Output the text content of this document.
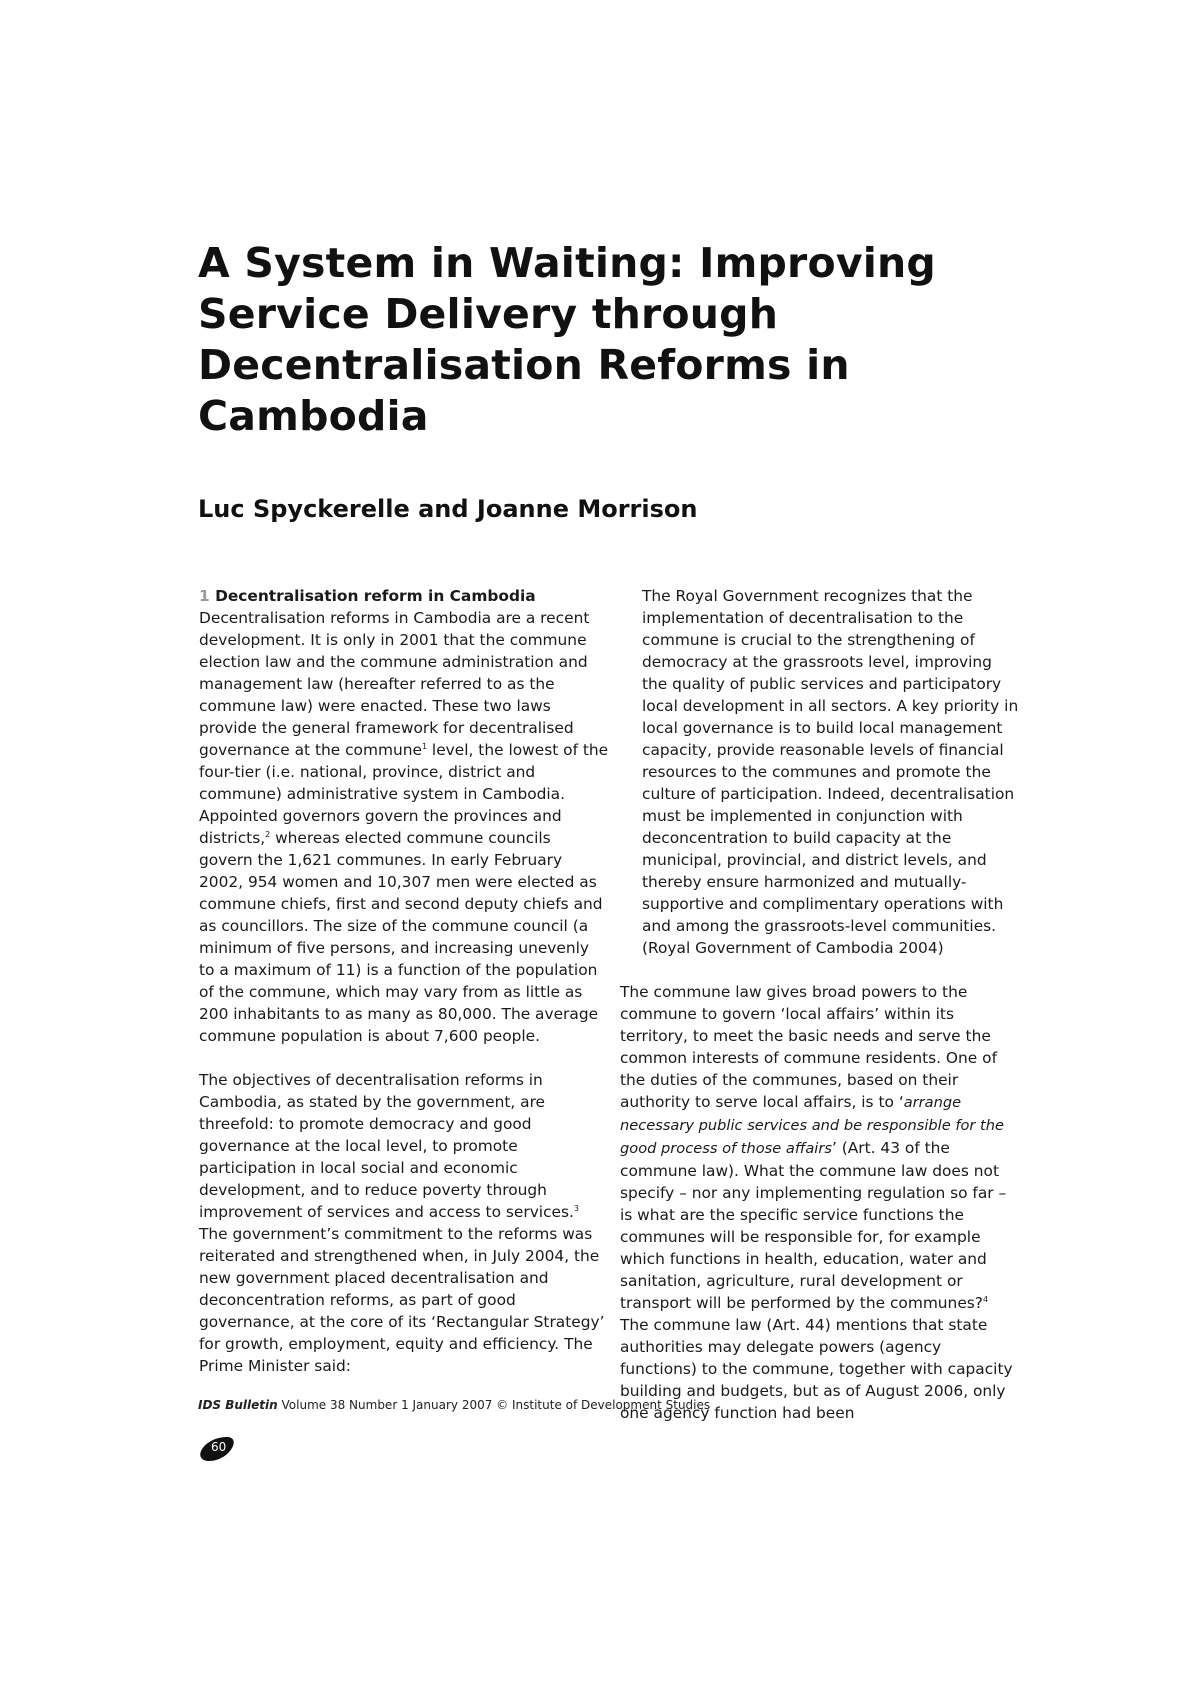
A System in Waiting: Improving Service Delivery through Decentralisation Reforms in Cambodia
Luc Spyckerelle and Joanne Morrison
1 Decentralisation reform in Cambodia

Decentralisation reforms in Cambodia are a recent development. It is only in 2001 that the commune election law and the commune administration and management law (hereafter referred to as the commune law) were enacted. These two laws provide the general framework for decentralised governance at the commune$^1$ level, the lowest of the four-tier (i.e. national, province, district and commune) administrative system in Cambodia. Appointed governors govern the provinces and districts,$^2$ whereas elected commune councils govern the 1,621 communes. In early February 2002, 954 women and 10,307 men were elected as commune chiefs, first and second deputy chiefs and as councillors. The size of the commune council (a minimum of five persons, and increasing unevenly to a maximum of 11) is a function of the population of the commune, which may vary from as little as 200 inhabitants to as many as 80,000. The average commune population is about 7,600 people.

The objectives of decentralisation reforms in Cambodia, as stated by the government, are threefold: to promote democracy and good governance at the local level, to promote participation in local social and economic development, and to reduce poverty through improvement of services and access to services.$^3$ The government’s commitment to the reforms was reiterated and strengthened when, in July 2004, the new government placed decentralisation and deconcentration reforms, as part of good governance, at the core of its ‘Rectangular Strategy’ for growth, employment, equity and efficiency. The Prime Minister said:

The Royal Government recognizes that the implementation of decentralisation to the commune is crucial to the strengthening of democracy at the grassroots level, improving the quality of public services and participatory local development in all sectors. A key priority in local governance is to build local management capacity, provide reasonable levels of financial resources to the communes and promote the culture of participation. Indeed, decentralisation must be implemented in conjunction with deconcentration to build capacity at the municipal, provincial, and district levels, and thereby ensure harmonized and mutually-supportive and complimentary operations with and among the grassroots-level communities. (Royal Government of Cambodia 2004)

The commune law gives broad powers to the commune to govern ‘local affairs’ within its territory, to meet the basic needs and serve the common interests of commune residents. One of the duties of the communes, based on their authority to serve local affairs, is to ‘arrange necessary public services and be responsible for the good process of those affairs’ (Art. 43 of the commune law). What the commune law does not specify – nor any implementing regulation so far – is what are the specific service functions the communes will be responsible for, for example which functions in health, education, water and sanitation, agriculture, rural development or transport will be performed by the communes?$^4$ The commune law (Art. 44) mentions that state authorities may delegate powers (agency functions) to the commune, together with capacity building and budgets, but as of August 2006, only one agency function had been

IDS Bulletin Volume 38 Number 1 January 2007 © Institute of Development Studies
60
